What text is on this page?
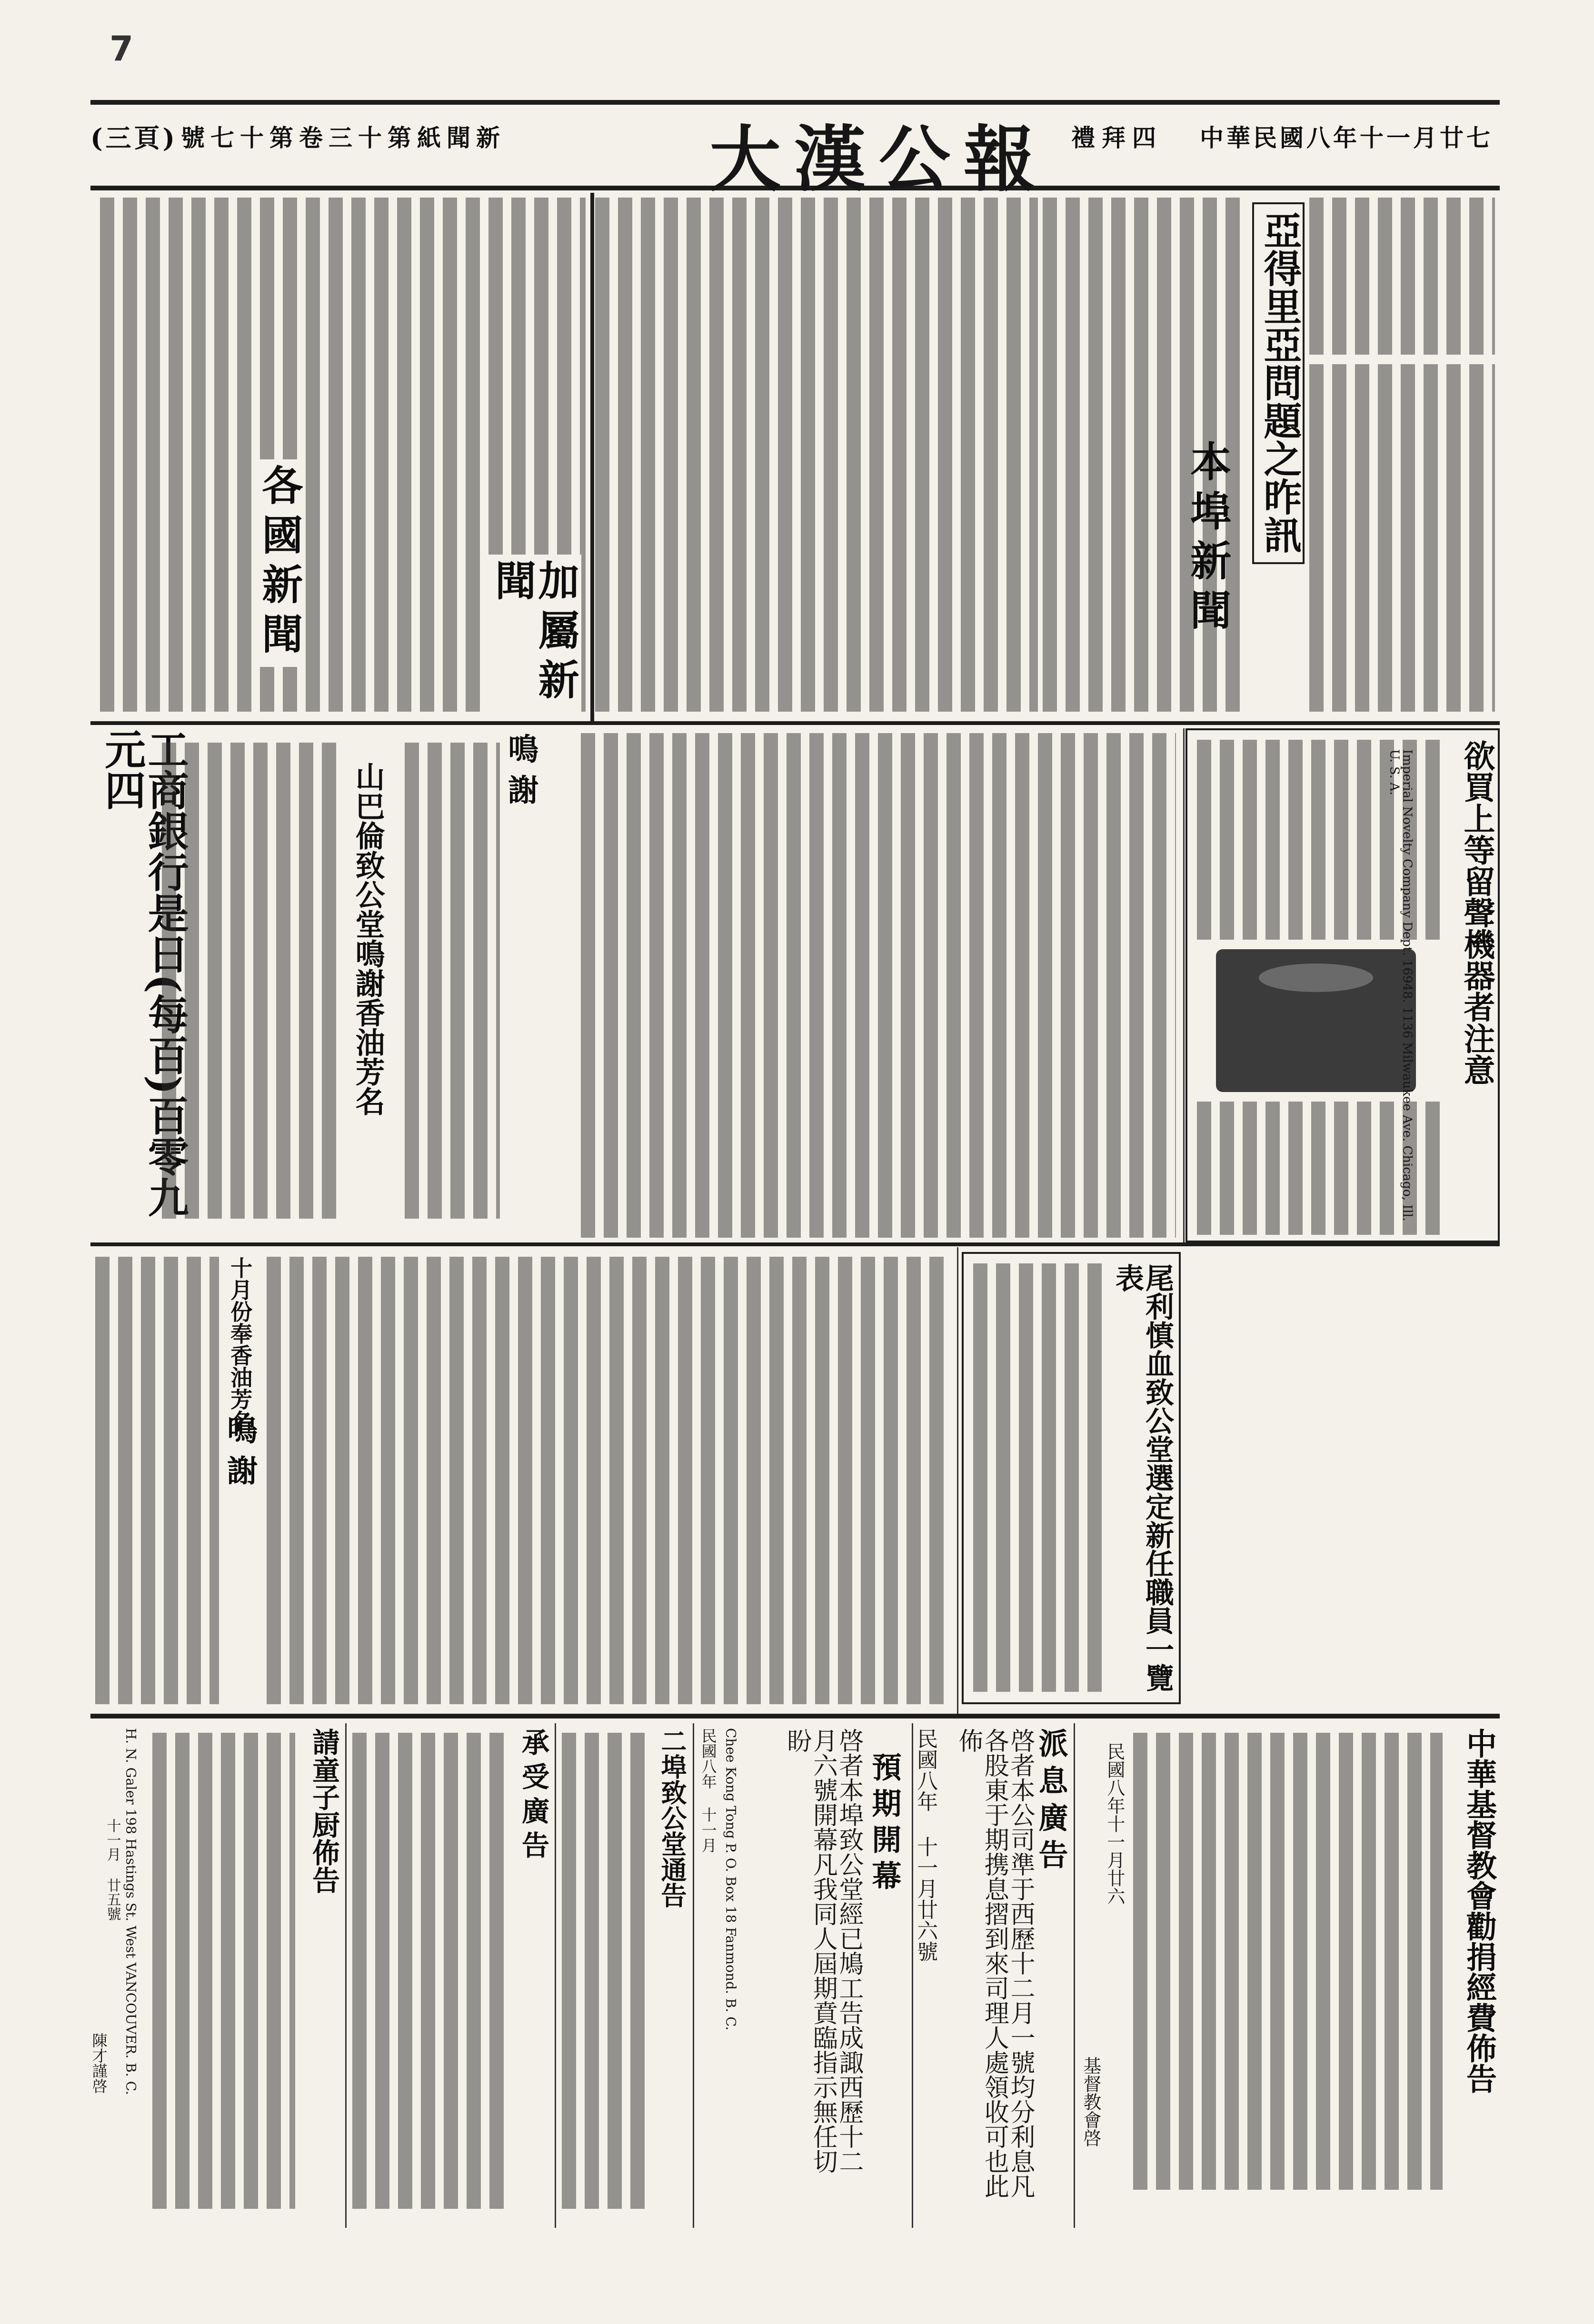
7
(三頁) 號七十第卷三十第紙聞新	大漢公報 禮拜四 中華民國八年十一月廿七
亞得里亞問題之昨訊
本埠新聞
各國新聞	加屬新聞
欲買上等留聲機器者注意
Imperial Novelty Company Dept. 16948. 1136 Milwaukee Ave. Chicago, Ill. U. S. A.
工商銀行是日(每百)百零九元四	山巴倫致公堂鳴謝香油芳名	鳴謝
十月份奉香油芳名
鳴謝	尾利慎血致公堂選定新任職員一覽表
中華基督教會勸捐經費佈告
民國八年十一月廿六
基督教會啓
派息廣告
啓者本公司準于西歷十二月一號均分利息凡各股東于期携息摺到來司理人處領收可也此佈
民國八年 十一月廿六號
預期開幕
啓者本埠致公堂經已鳩工告成諏西歷十二月六號開幕凡我同人屆期賁臨指示無任切盼
Chee Kong Tong P. O. Box 18 Fanmond. B. C.
民國八年 十一月
二埠致公堂通告
承受廣告
請童子厨佈告
H. N. Galer 198 Hastings St. West VANCOUVER. B. C.
十一月 廿五號
陳才謹啓
